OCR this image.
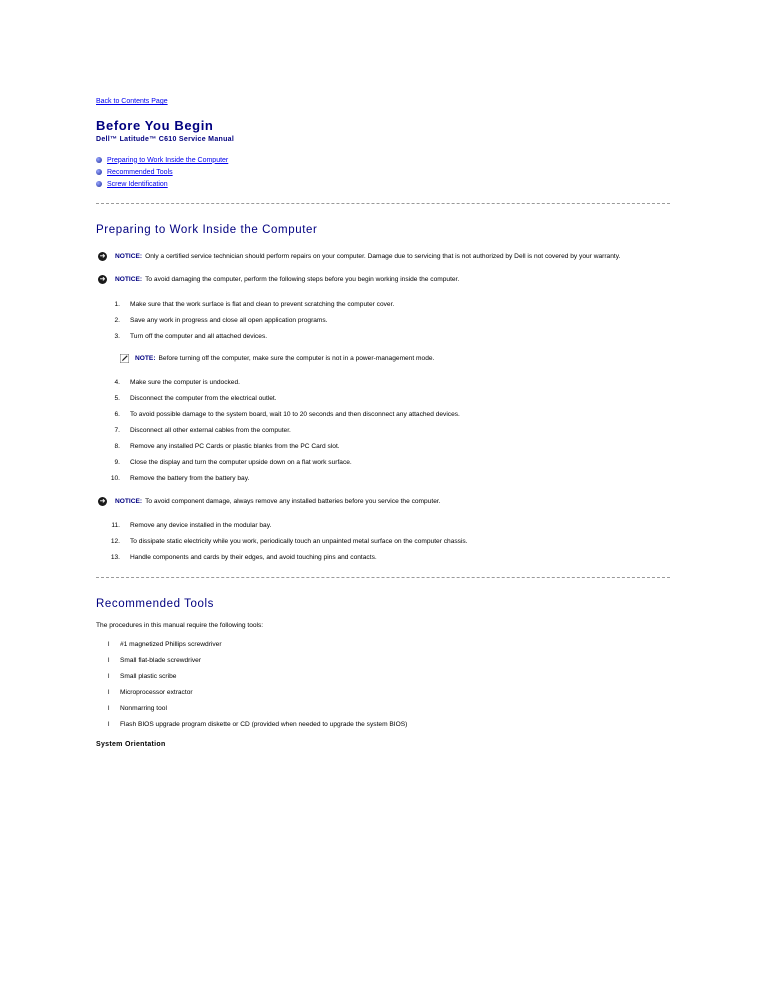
Back to Contents Page
Before You Begin
Dell™ Latitude™ C610 Service Manual
Preparing to Work Inside the Computer
Recommended Tools
Screw Identification
Preparing to Work Inside the Computer
➜ NOTICE: Only a certified service technician should perform repairs on your computer. Damage due to servicing that is not authorized by Dell is not covered by your warranty.
➜ NOTICE: To avoid damaging the computer, perform the following steps before you begin working inside the computer.
1. Make sure that the work surface is flat and clean to prevent scratching the computer cover.
2. Save any work in progress and close all open application programs.
3. Turn off the computer and all attached devices.
NOTE: Before turning off the computer, make sure the computer is not in a power-management mode.
4. Make sure the computer is undocked.
5. Disconnect the computer from the electrical outlet.
6. To avoid possible damage to the system board, wait 10 to 20 seconds and then disconnect any attached devices.
7. Disconnect all other external cables from the computer.
8. Remove any installed PC Cards or plastic blanks from the PC Card slot.
9. Close the display and turn the computer upside down on a flat work surface.
10. Remove the battery from the battery bay.
➜ NOTICE: To avoid component damage, always remove any installed batteries before you service the computer.
11. Remove any device installed in the modular bay.
12. To dissipate static electricity while you work, periodically touch an unpainted metal surface on the computer chassis.
13. Handle components and cards by their edges, and avoid touching pins and contacts.
Recommended Tools
The procedures in this manual require the following tools:
l	#1 magnetized Phillips screwdriver
l	Small flat-blade screwdriver
l	Small plastic scribe
l	Microprocessor extractor
l	Nonmarring tool
l	Flash BIOS upgrade program diskette or CD (provided when needed to upgrade the system BIOS)
System Orientation
